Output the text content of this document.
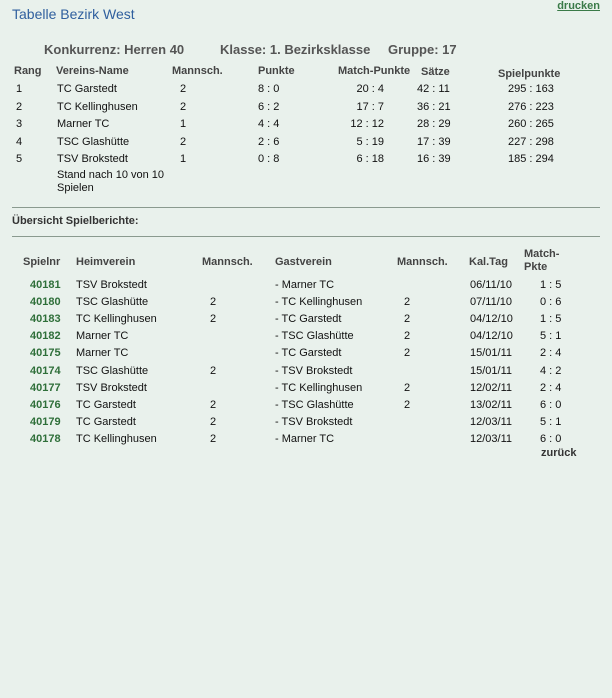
Tabelle Bezirk West	drucken
Konkurrenz: Herren 40	Klasse: 1. Bezirksklasse Gruppe: 17
Rang Vereins-Name	Mannsch.	Punkte	Match-Punkte Sätze	Spielpunkte
1	TC Garstedt	2	8 : 0	20 : 4	42 : 11	295 : 163
2	TC Kellinghusen	2	6 : 2	17 : 7	36 : 21	276 : 223
3	Marner TC	1	4 : 4	12 : 12	28 : 29	260 : 265
4	TSC Glashütte	2	2 : 6	5 : 19	17 : 39	227 : 298
5	TSV Brokstedt	1	0 : 8	6 : 18	16 : 39	185 : 294
Stand nach 10 von 10 Spielen
Übersicht Spielberichte:
Spielnr Heimverein	Mannsch. Gastverein	Mannsch. Kal.Tag
Match-Pkte
40181 TSV Brokstedt	- Marner TC	06/11/10	1 : 5
40180 TSC Glashütte	2	- TC Kellinghusen	2	07/11/10	0 : 6
40183 TC Kellinghusen	2	- TC Garstedt	2	04/12/10 1 : 5
40182 Marner TC	- TSC Glashütte	2	04/12/10 5 : 1
40175 Marner TC	- TC Garstedt	2	15/01/11	2 : 4
40174 TSC Glashütte	2	- TSV Brokstedt	15/01/11	4 : 2
40177 TSV Brokstedt	- TC Kellinghusen	2	12/02/11	2 : 4
40176 TC Garstedt	2	- TSC Glashütte	2	13/02/11	6 : 0
40179 TC Garstedt	2	- TSV Brokstedt	12/03/11	5 : 1
40178 TC Kellinghusen	2	- Marner TC	12/03/11	6 : 0
zurück
